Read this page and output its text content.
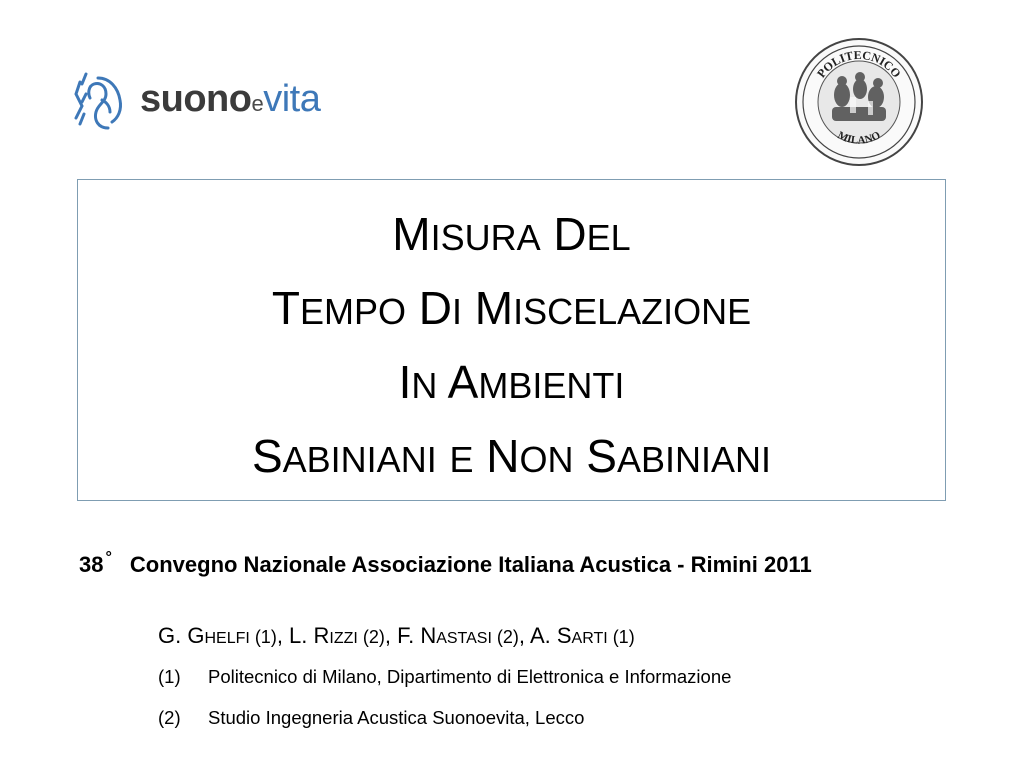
suonoevita
POLITECNICO
MILANO
MISURA DEL
TEMPO DI MISCELAZIONE
IN AMBIENTI
SABINIANI E NON SABINIANI
38 ° Convegno Nazionale Associazione Italiana Acustica - Rimini 2011
G. GHELFI (1), L. RIZZI (2), F. NASTASI (2), A. SARTI (1)
(1) Politecnico di Milano, Dipartimento di Elettronica e Informazione
(2) Studio Ingegneria Acustica Suonoevita, Lecco
